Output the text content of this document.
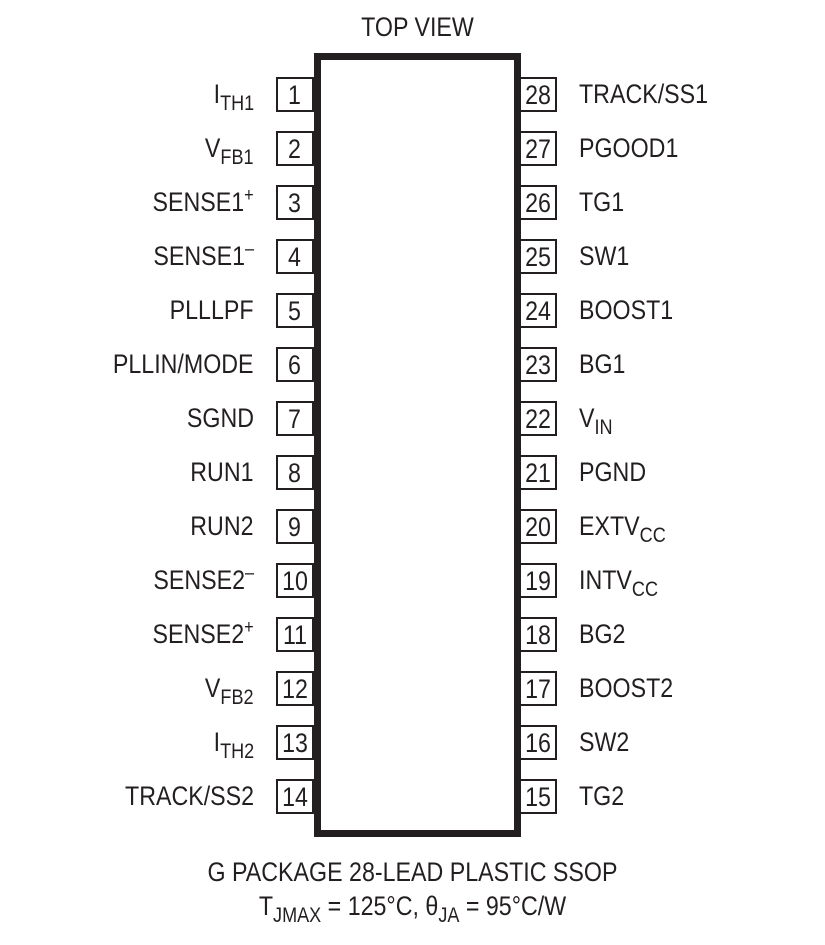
TOP VIEW
1
$I_{TH1}$
2
$V_{FB1}$
3
SENSE1+
4
SENSE1–
5
PLLLPF
6
PLLIN/MODE
7
SGND
8
RUN1
9
RUN2
10
SENSE2–
11
SENSE2+
12
$V_{FB2}$
13
$I_{TH2}$
14
TRACK/SS2
28 TRACK/SS1
27 PGOOD1
26 TG1
25 SW1
24 BOOST1
23 BG1
22 $V_{IN}$
21 PGND
20 $EXTV_{CC}$
19 $INTV_{CC}$
18 BG2
17 BOOST2
16 SW2
15 TG2
G PACKAGE 28-LEAD PLASTIC SSOP
$T_{JMAX} = 125^\circ C$, $\theta_{JA} = 95^\circ C/W$
